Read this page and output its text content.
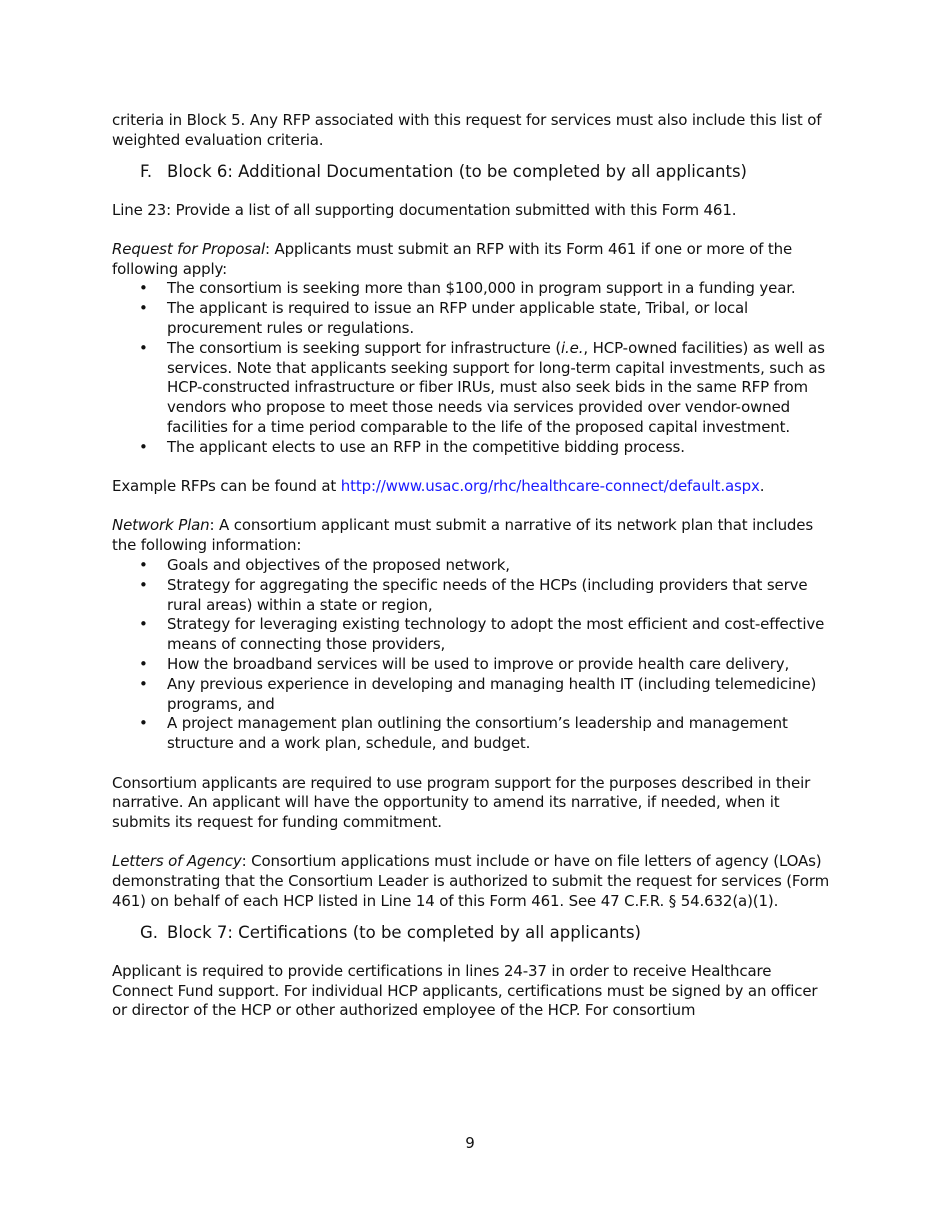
criteria in Block 5. Any RFP associated with this request for services must also include this list of weighted evaluation criteria.

F. Block 6: Additional Documentation (to be completed by all applicants)

Line 23: Provide a list of all supporting documentation submitted with this Form 461.

Request for Proposal: Applicants must submit an RFP with its Form 461 if one or more of the following apply:

• The consortium is seeking more than $100,000 in program support in a funding year.
• The applicant is required to issue an RFP under applicable state, Tribal, or local procurement rules or regulations.
• The consortium is seeking support for infrastructure (i.e., HCP-owned facilities) as well as services. Note that applicants seeking support for long-term capital investments, such as HCP-constructed infrastructure or fiber IRUs, must also seek bids in the same RFP from vendors who propose to meet those needs via services provided over vendor-owned facilities for a time period comparable to the life of the proposed capital investment.
• The applicant elects to use an RFP in the competitive bidding process.

Example RFPs can be found at http://www.usac.org/rhc/healthcare-connect/default.aspx.

Network Plan: A consortium applicant must submit a narrative of its network plan that includes the following information:

• Goals and objectives of the proposed network,
• Strategy for aggregating the specific needs of the HCPs (including providers that serve rural areas) within a state or region,
• Strategy for leveraging existing technology to adopt the most efficient and cost-effective means of connecting those providers,
• How the broadband services will be used to improve or provide health care delivery,
• Any previous experience in developing and managing health IT (including telemedicine) programs, and
• A project management plan outlining the consortium’s leadership and management structure and a work plan, schedule, and budget.

Consortium applicants are required to use program support for the purposes described in their narrative. An applicant will have the opportunity to amend its narrative, if needed, when it submits its request for funding commitment.

Letters of Agency: Consortium applications must include or have on file letters of agency (LOAs) demonstrating that the Consortium Leader is authorized to submit the request for services (Form 461) on behalf of each HCP listed in Line 14 of this Form 461. See 47 C.F.R. § 54.632(a)(1).

G. Block 7: Certifications (to be completed by all applicants)

Applicant is required to provide certifications in lines 24-37 in order to receive Healthcare Connect Fund support. For individual HCP applicants, certifications must be signed by an officer or director of the HCP or other authorized employee of the HCP. For consortium

9
